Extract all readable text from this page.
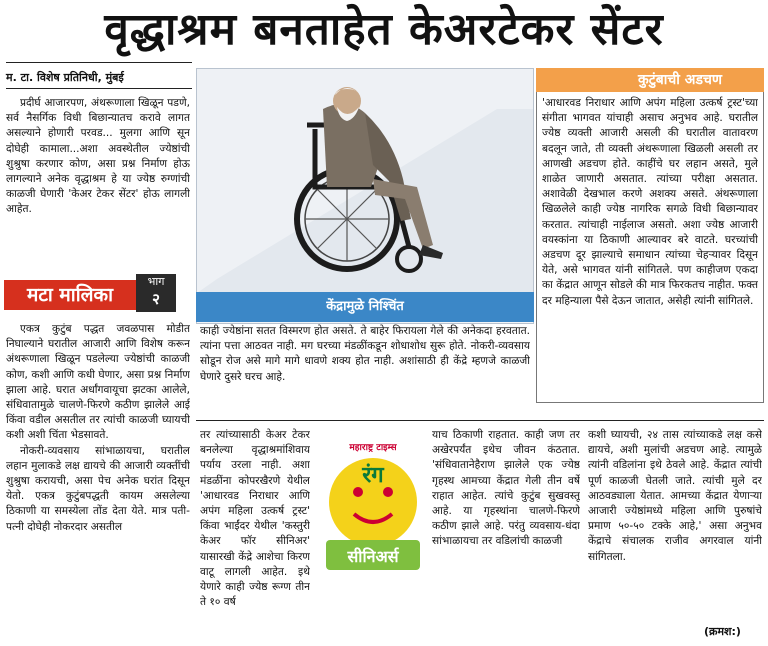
वृद्धाश्रम बनताहेत केअरटेकर सेंटर
म. टा. विशेष प्रतिनिधी, मुंबई

प्रदीर्घ आजारपण, अंथरूणाला खिळून पडणे, सर्व नैसर्गिक विधी बिछान्यातच करावे लागत असल्याने होणारी परवड... मुलगा आणि सून दोघेही कामाला...अशा अवस्थेतील ज्येष्ठांची शुश्रुषा करणार कोण, असा प्रश्न निर्माण होऊ लागल्याने अनेक वृद्धाश्रम हे या ज्येष्ठ रुग्णांची काळजी घेणारी 'केअर टेकर सेंटर' होऊ लागली आहेत.

मटा मालिका
भाग
२

एकत्र कुटुंब पद्धत जवळपास मोडीत निघाल्याने घरातील आजारी आणि विशेष करून अंथरूणाला खिळून पडलेल्या ज्येष्ठांची काळजी कोण, कशी आणि कधी घेणार, असा प्रश्न निर्माण झाला आहे. घरात अर्धांगवायूचा झटका आलेले, संधिवातामुळे चालणे-फिरणे कठीण झालेले आई किंवा वडील असतील तर त्यांची काळजी घ्यायची कशी अशी चिंता भेडसावते.

नोकरी-व्यवसाय सांभाळायचा, घरातील लहान मुलाकडे लक्ष द्यायचे की आजारी व्यक्तींची शुश्रुषा करायची, असा पेच अनेक घरांत दिसून येतो. एकत्र कुटुंबपद्धती कायम असलेल्या ठिकाणी या समस्येला तोंड देता येते. मात्र पती-पत्नी दोघेही नोकरदार असतील

केंद्रामुळे निश्चिंत

काही ज्येष्ठांना सतत विस्मरण होत असते. ते बाहेर फिरायला गेले की अनेकदा हरवतात. त्यांना पत्ता आठवत नाही. मग घरच्या मंडळींकडून शोधाशोध सुरू होते. नोकरी-व्यवसाय सोडून रोज असे मागे मागे धावणे शक्य होत नाही. अशांसाठी ही केंद्रे म्हणजे काळजी घेणारे दुसरे घरच आहे.

कुटुंबाची अडचण

'आधारवड निराधार आणि अपंग महिला उत्कर्ष ट्रस्ट'च्या संगीता भागवत यांचाही असाच अनुभव आहे. घरातील ज्येष्ठ व्यक्ती आजारी असली की घरातील वातावरण बदलून जाते, ती व्यक्ती अंथरूणाला खिळली असली तर आणखी अडचण होते. काहींचे घर लहान असते, मुले शाळेत जाणारी असतात. त्यांच्या परीक्षा असतात. अशावेळी देखभाल करणे अशक्य असते. अंथरूणाला खिळलेले काही ज्येष्ठ नागरिक सगळे विधी बिछान्यावर करतात. त्यांचाही नाईलाज असतो. अशा ज्येष्ठ आजारी वयस्कांना या ठिकाणी आल्यावर बरे वाटते. घरच्यांची अडचण दूर झाल्याचे समाधान त्यांच्या चेहऱ्यावर दिसून येते, असे भागवत यांनी सांगितले. पण काहीजण एकदा का केंद्रात आणून सोडले की मात्र फिरकतच नाहीत. फक्त दर महिन्याला पैसे देऊन जातात, असेही त्यांनी सांगितले.

तर त्यांच्यासाठी केअर टेकर बनलेल्या वृद्धाश्रमांशिवाय पर्याय उरला नाही. अशा मंडळींना कोपरखैरणे येथील 'आधारवड निराधार आणि अपंग महिला उत्कर्ष ट्रस्ट' किंवा भाईंदर येथील 'कस्तुरी केअर फॉर सीनिअर' यासारखी केंद्रे आशेचा किरण वाटू लागली आहेत. इथे येणारे काही ज्येष्ठ रूग्ण तीन ते १० वर्ष

महाराष्ट्र टाइम्स
रंग
सीनिअर्स

याच ठिकाणी राहतात. काही जण तर अखेरपर्यंत इथेच जीवन कंठतात. 'संधिवातानेहैराण झालेले एक ज्येष्ठ गृहस्थ आमच्या केंद्रात गेली तीन वर्षे राहात आहेत. त्यांचे कुटुंब सुखवस्तू आहे. या गृहस्थांना चालणे-फिरणे कठीण झाले आहे. परंतु व्यवसाय-धंदा सांभाळायचा तर वडिलांची काळजी

कशी घ्यायची, २४ तास त्यांच्याकडे लक्ष कसे द्यायचे, अशी मुलांची अडचण आहे. त्यामुळे त्यांनी वडिलांना इथे ठेवले आहे. केंद्रात त्यांची पूर्ण काळजी घेतली जाते. त्यांची मुले दर आठवड्याला येतात. आमच्या केंद्रात येणाऱ्या आजारी ज्येष्ठांमध्ये महिला आणि पुरुषांचे प्रमाण ५०-५० टक्के आहे,' असा अनुभव केंद्राचे संचालक राजीव अगरवाल यांनी सांगितला.

(क्रमश:)
